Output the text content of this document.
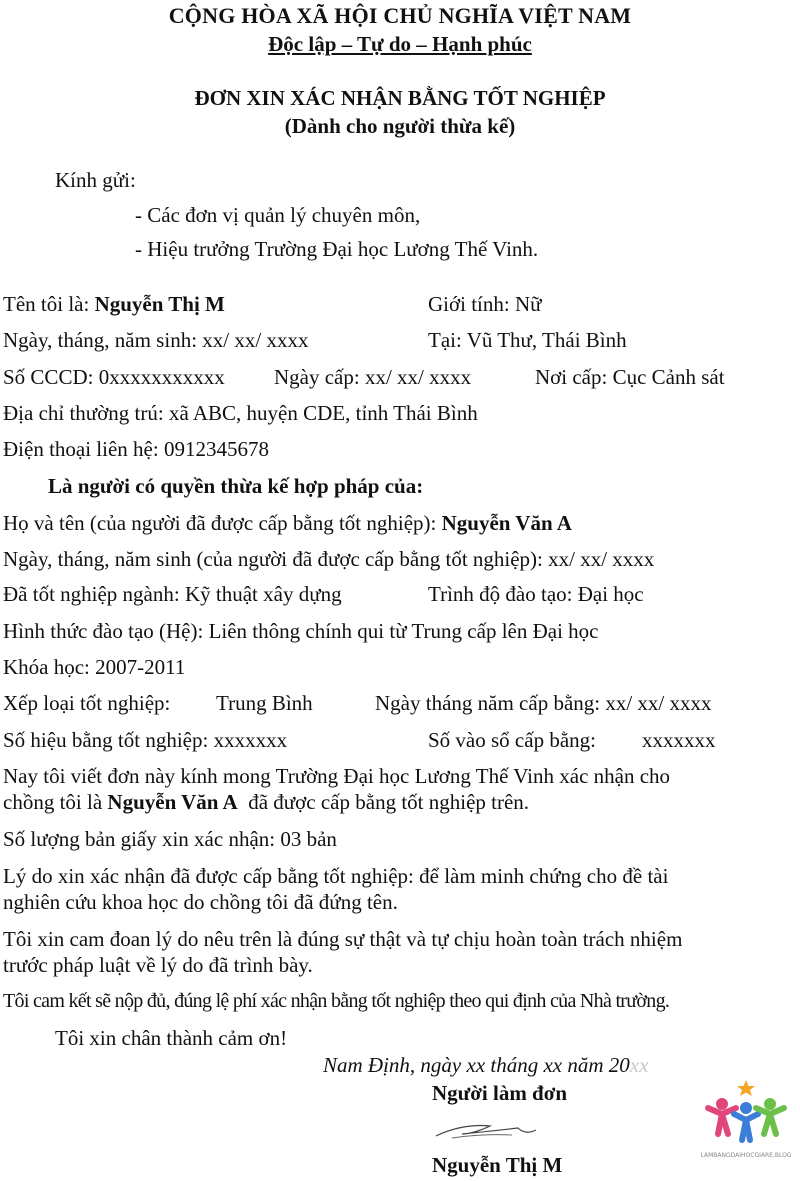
CỘNG HÒA XÃ HỘI CHỦ NGHĨA VIỆT NAM
Độc lập – Tự do – Hạnh phúc
ĐƠN XIN XÁC NHẬN BẰNG TỐT NGHIỆP
(Dành cho người thừa kế)
Kính gửi:
- Các đơn vị quản lý chuyên môn,
- Hiệu trưởng Trường Đại học Lương Thế Vinh.
Tên tôi là: Nguyễn Thị M	Giới tính: Nữ
Ngày, tháng, năm sinh: xx/ xx/ xxxx	Tại: Vũ Thư, Thái Bình
Số CCCD: 0xxxxxxxxxxx Ngày cấp: xx/ xx/ xxxx	Nơi cấp: Cục Cảnh sát
Địa chỉ thường trú: xã ABC, huyện CDE, tỉnh Thái Bình
Điện thoại liên hệ: 0912345678
Là người có quyền thừa kế hợp pháp của:
Họ và tên (của người đã được cấp bằng tốt nghiệp): Nguyễn Văn A
Ngày, tháng, năm sinh (của người đã được cấp bằng tốt nghiệp): xx/ xx/ xxxx
Đã tốt nghiệp ngành: Kỹ thuật xây dựng	Trình độ đào tạo: Đại học
Hình thức đào tạo (Hệ): Liên thông chính qui từ Trung cấp lên Đại học
Khóa học: 2007-2011
Xếp loại tốt nghiệp: Trung Bình	Ngày tháng năm cấp bằng: xx/ xx/ xxxx
Số hiệu bằng tốt nghiệp: xxxxxxx	Số vào sổ cấp bằng: xxxxxxx
Nay tôi viết đơn này kính mong Trường Đại học Lương Thế Vinh xác nhận cho
chồng tôi là Nguyễn Văn A  đã được cấp bằng tốt nghiệp trên.
Số lượng bản giấy xin xác nhận: 03 bản
Lý do xin xác nhận đã được cấp bằng tốt nghiệp: để làm minh chứng cho đề tài
nghiên cứu khoa học do chồng tôi đã đứng tên.
Tôi xin cam đoan lý do nêu trên là đúng sự thật và tự chịu hoàn toàn trách nhiệm
trước pháp luật về lý do đã trình bày.
Tôi cam kết sẽ nộp đủ, đúng lệ phí xác nhận bằng tốt nghiệp theo qui định của Nhà trường.
Tôi xin chân thành cảm ơn!
Nam Định, ngày xx tháng xx năm 20xx
Người làm đơn
Nguyễn Thị M	LAMBANGDAIHOCGIARE.BLOG
